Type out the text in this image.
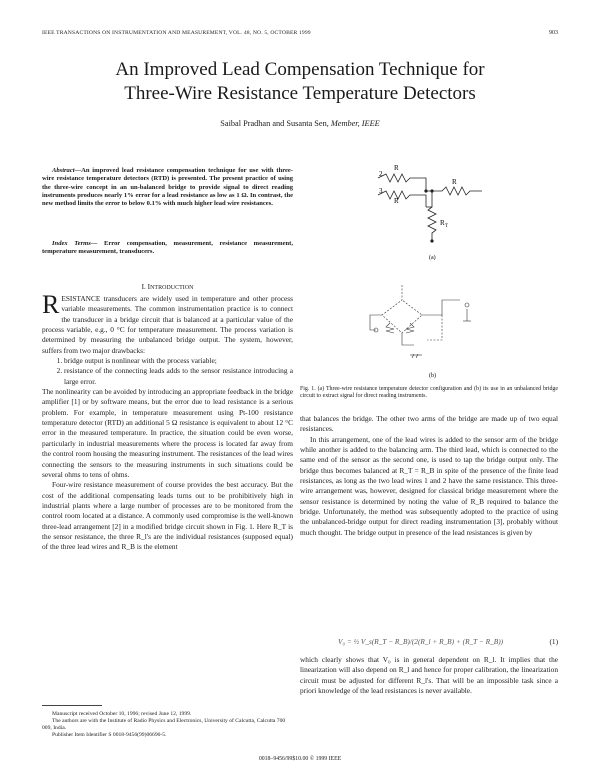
IEEE TRANSACTIONS ON INSTRUMENTATION AND MEASUREMENT, VOL. 48, NO. 5, OCTOBER 1999	903
An Improved Lead Compensation Technique for
Three-Wire Resistance Temperature Detectors
Saibal Pradhan and Susanta Sen, Member, IEEE
Abstract—An improved lead resistance compensation technique for use with three-wire resistance temperature detectors (RTD) is presented. The present practice of using the three-wire concept in an un-balanced bridge to provide signal to direct reading instruments produces nearly 1% error for a lead resistance as low as 1 Ω. In contrast, the new method limits the error to below 0.1% with much higher lead wire resistances.
Index Terms— Error compensation, measurement, resistance measurement, temperature measurement, transducers.
I. INTRODUCTION

RESISTANCE transducers are widely used in temperature and other process variable measurements. The common instrumentation practice is to connect the transducer in a bridge circuit that is balanced at a particular value of the process variable, e.g., 0 °C for temperature measurement. The process variation is determined by measuring the unbalanced bridge output. The system, however, suffers from two major drawbacks:

1. bridge output is nonlinear with the process variable;
2. resistance of the connecting leads adds to the sensor resistance introducing a large error.

The nonlinearity can be avoided by introducing an appropriate feedback in the bridge amplifier [1] or by software means, but the error due to lead resistance is a serious problem. For example, in temperature measurement using Pt-100 resistance temperature detector (RTD) an additional 5 Ω resistance is equivalent to about 12 °C error in the measured temperature. In practice, the situation could be even worse, particularly in industrial measurements where the process is located far away from the control room housing the measuring instrument. The resistances of the lead wires connecting the sensors to the measuring instruments in such situations could be several ohms to tens of ohms.

Four-wire resistance measurement of course provides the best accuracy. But the cost of the additional compensating leads turns out to be prohibitively high in industrial plants where a large number of processes are to be monitored from the control room located at a distance. A commonly used compromise is the well-known three-lead arrangement [2] in a modified bridge circuit shown in Fig. 1. Here R_T is the sensor resistance, the three R_l's are the individual resistances (supposed equal) of the three lead wires and R_B is the element

2
3
R
R
R
R T
(a)
(b)
Fig. 1. (a) Three-wire resistance temperature detector configuration and (b) its use in an unbalanced bridge circuit to extract signal for direct reading instruments.

that balances the bridge. The other two arms of the bridge are made up of two equal resistances.

In this arrangement, one of the lead wires is added to the sensor arm of the bridge while another is added to the balancing arm. The third lead, which is connected to the same end of the sensor as the second one, is used to tap the bridge output only. The bridge thus becomes balanced at R_T = R_B in spite of the presence of the finite lead resistances, as long as the two lead wires 1 and 2 have the same resistance. This three-wire arrangement was, however, designed for classical bridge measurement where the sensor resistance is determined by noting the value of R_B required to balance the bridge. Unfortunately, the method was subsequently adopted to the practice of using the unbalanced-bridge output for direct reading instrumentation [3], probably without much thought. The bridge output in presence of the lead resistances is given by

V₀ = ½ V_s(R_T − R_B)/(2(R_l + R_B) + (R_T − R_B))	(1)

which clearly shows that V₀ is in general dependent on R_l. It implies that the linearization will also depend on R_l and hence for proper calibration, the linearization circuit must be adjusted for different R_l's. That will be an impossible task since a priori knowledge of the lead resistances is never available.

Manuscript received October 10, 1996; revised June 12, 1999.

The authors are with the Institute of Radio Physics and Electronics, University of Calcutta, Calcutta 700 009, India.

Publisher Item Identifier S 0018-9456(99)06690-5.

0018–9456/99$10.00 © 1999 IEEE
